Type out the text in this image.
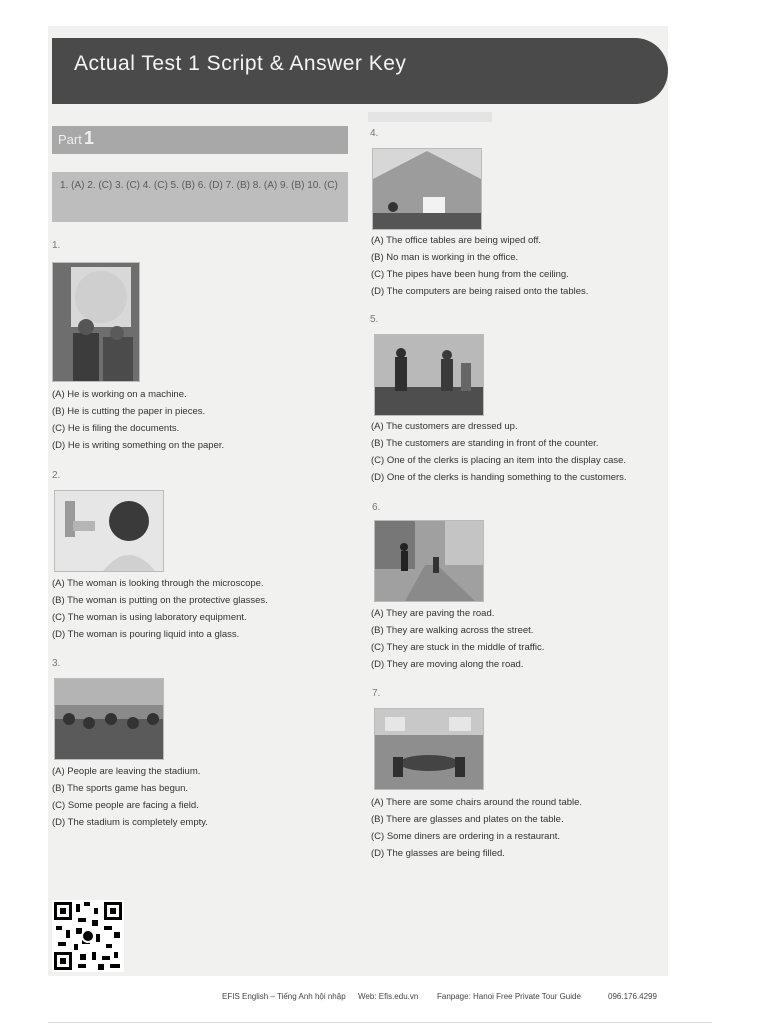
Actual Test 1 Script & Answer Key
Part 1
1. (A) 2. (C) 3. (C) 4. (C) 5. (B) 6. (D) 7. (B) 8. (A) 9. (B) 10. (C)
1.
(A) He is working on a machine.
(B) He is cutting the paper in pieces.
(C) He is filing the documents.
(D) He is writing something on the paper.
2.
(A) The woman is looking through the microscope.
(B) The woman is putting on the protective glasses.
(C) The woman is using laboratory equipment.
(D) The woman is pouring liquid into a glass.
3.
(A) People are leaving the stadium.
(B) The sports game has begun.
(C) Some people are facing a field.
(D) The stadium is completely empty.
4.
(A) The office tables are being wiped off.
(B) No man is working in the office.
(C) The pipes have been hung from the ceiling.
(D) The computers are being raised onto the tables.
5.
(A) The customers are dressed up.
(B) The customers are standing in front of the counter.
(C) One of the clerks is placing an item into the display case.
(D) One of the clerks is handing something to the customers.
6.
(A) They are paving the road.
(B) They are walking across the street.
(C) They are stuck in the middle of traffic.
(D) They are moving along the road.
7.
(A) There are some chairs around the round table.
(B) There are glasses and plates on the table.
(C) Some diners are ordering in a restaurant.
(D) The glasses are being filled.
EFIS English – Tiếng Anh hội nhập Web: Efis.edu.vn Fanpage: Hanoi Free Private Tour Guide	096.176.4299
